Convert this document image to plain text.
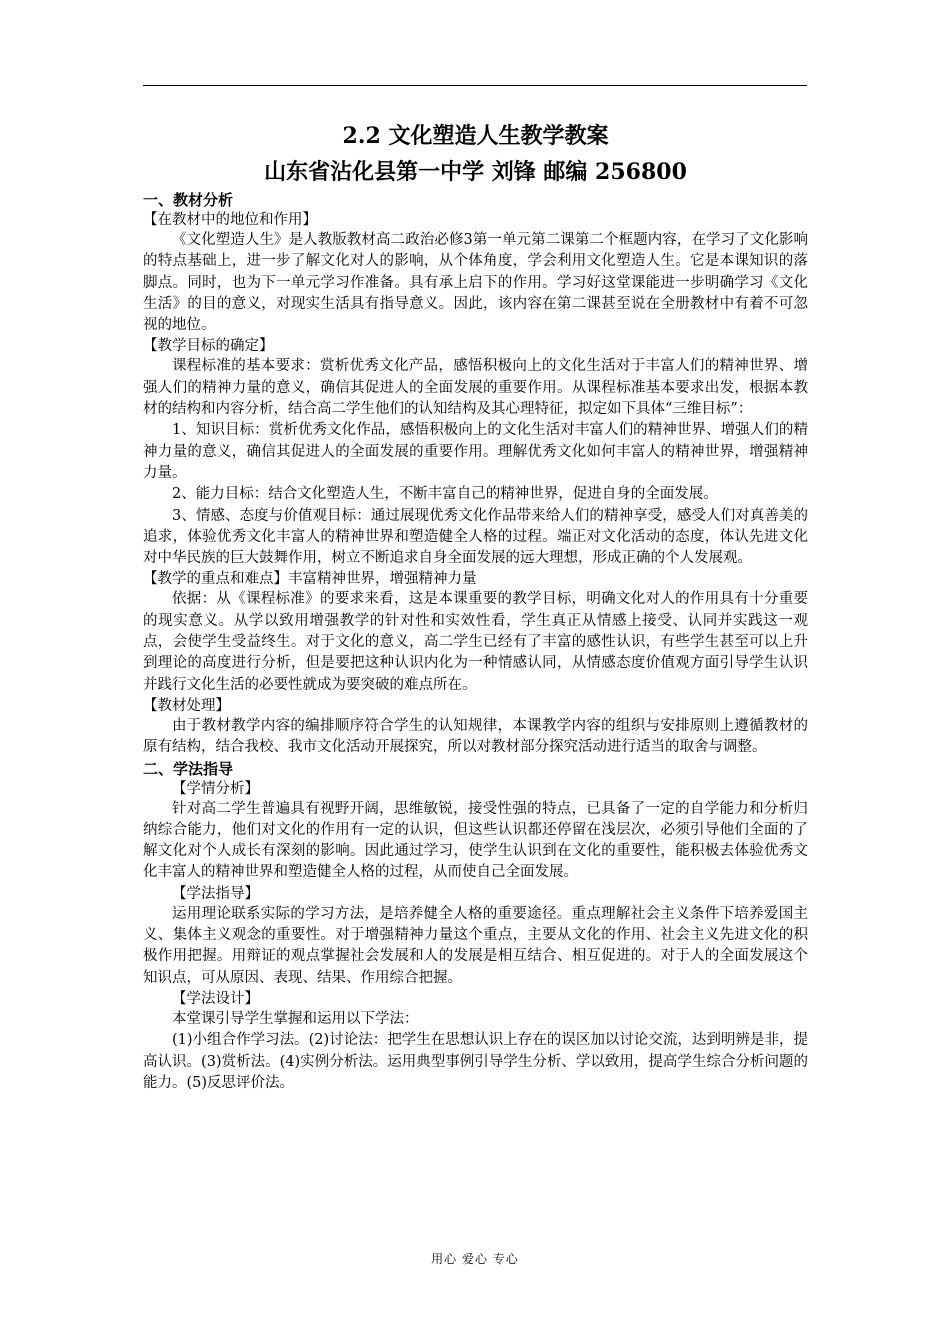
2.2 文化塑造人生教学教案
山东省沾化县第一中学 刘锋 邮编 256800
一、教材分析
【在教材中的地位和作用】

《文化塑造人生》是人教版教材高二政治必修3第一单元第二课第二个框题内容，在学习了文化影响的特点基础上，进一步了解文化对人的影响，从个体角度，学会利用文化塑造人生。它是本课知识的落脚点。同时，也为下一单元学习作准备。具有承上启下的作用。学习好这堂课能进一步明确学习《文化生活》的目的意义，对现实生活具有指导意义。因此，该内容在第二课甚至说在全册教材中有着不可忽视的地位。

【教学目标的确定】

课程标准的基本要求：赏析优秀文化产品，感悟积极向上的文化生活对于丰富人们的精神世界、增强人们的精神力量的意义，确信其促进人的全面发展的重要作用。从课程标准基本要求出发，根据本教材的结构和内容分析，结合高二学生他们的认知结构及其心理特征，拟定如下具体“三维目标”：

1、知识目标：赏析优秀文化作品，感悟积极向上的文化生活对丰富人们的精神世界、增强人们的精神力量的意义，确信其促进人的全面发展的重要作用。理解优秀文化如何丰富人的精神世界，增强精神力量。

2、能力目标：结合文化塑造人生，不断丰富自己的精神世界，促进自身的全面发展。

3、情感、态度与价值观目标：通过展现优秀文化作品带来给人们的精神享受，感受人们对真善美的追求，体验优秀文化丰富人的精神世界和塑造健全人格的过程。端正对文化活动的态度，体认先进文化对中华民族的巨大鼓舞作用，树立不断追求自身全面发展的远大理想，形成正确的个人发展观。

【教学的重点和难点】丰富精神世界，增强精神力量

依据：从《课程标准》的要求来看，这是本课重要的教学目标，明确文化对人的作用具有十分重要的现实意义。从学以致用增强教学的针对性和实效性看，学生真正从情感上接受、认同并实践这一观点，会使学生受益终生。对于文化的意义，高二学生已经有了丰富的感性认识，有些学生甚至可以上升到理论的高度进行分析，但是要把这种认识内化为一种情感认同，从情感态度价值观方面引导学生认识并践行文化生活的必要性就成为要突破的难点所在。

【教材处理】

由于教材教学内容的编排顺序符合学生的认知规律，本课教学内容的组织与安排原则上遵循教材的原有结构，结合我校、我市文化活动开展探究，所以对教材部分探究活动进行适当的取舍与调整。

二、学法指导
【学情分析】

针对高二学生普遍具有视野开阔，思维敏锐，接受性强的特点，已具备了一定的自学能力和分析归纳综合能力，他们对文化的作用有一定的认识，但这些认识都还停留在浅层次，必须引导他们全面的了解文化对个人成长有深刻的影响。因此通过学习，使学生认识到在文化的重要性，能积极去体验优秀文化丰富人的精神世界和塑造健全人格的过程，从而使自己全面发展。

【学法指导】

运用理论联系实际的学习方法，是培养健全人格的重要途径。重点理解社会主义条件下培养爱国主义、集体主义观念的重要性。对于增强精神力量这个重点，主要从文化的作用、社会主义先进文化的积极作用把握。用辩证的观点掌握社会发展和人的发展是相互结合、相互促进的。对于人的全面发展这个知识点，可从原因、表现、结果、作用综合把握。

【学法设计】

本堂课引导学生掌握和运用以下学法：

(1)小组合作学习法。(2)讨论法：把学生在思想认识上存在的误区加以讨论交流，达到明辨是非，提高认识。(3)赏析法。(4)实例分析法。运用典型事例引导学生分析、学以致用，提高学生综合分析问题的能力。(5)反思评价法。

用心 爱心 专心
